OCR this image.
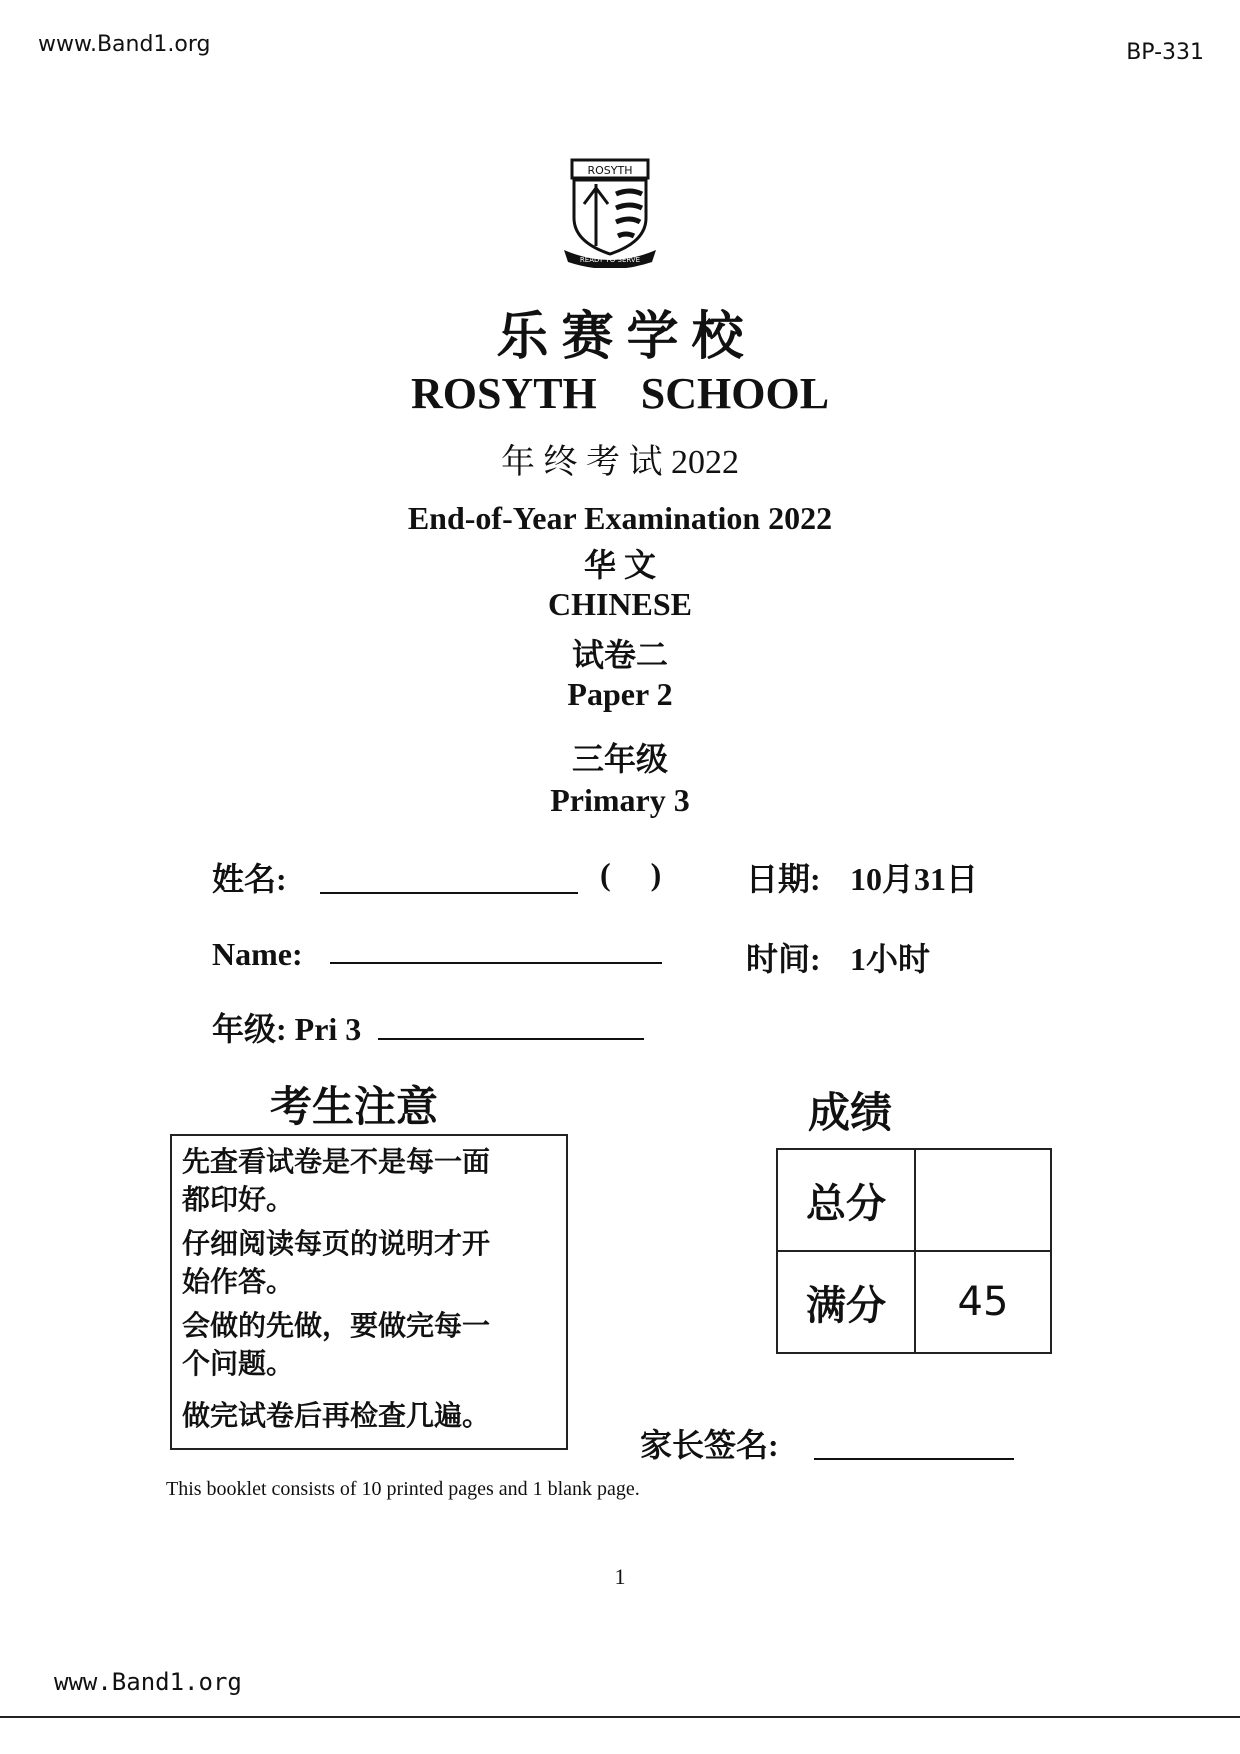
www.Band1.org	BP-331
ROSYTH
READY TO SERVE
乐 赛 学 校
ROSYTH    SCHOOL
年 终 考 试 2022
End-of-Year Examination 2022
华 文
CHINESE
试卷二
Paper 2
三年级
Primary 3
姓名:	(     )	日期: 10月31日
Name:	时间: 1小时
年级: Pri 3
考生注意
先查看试卷是不是每一面都印好。
仔细阅读每页的说明才开始作答。
会做的先做，要做完每一个问题。
做完试卷后再检查几遍。
成绩
总分	
满分	45
家长签名:
This booklet consists of 10 printed pages and 1 blank page.
1
www.Band1.org
